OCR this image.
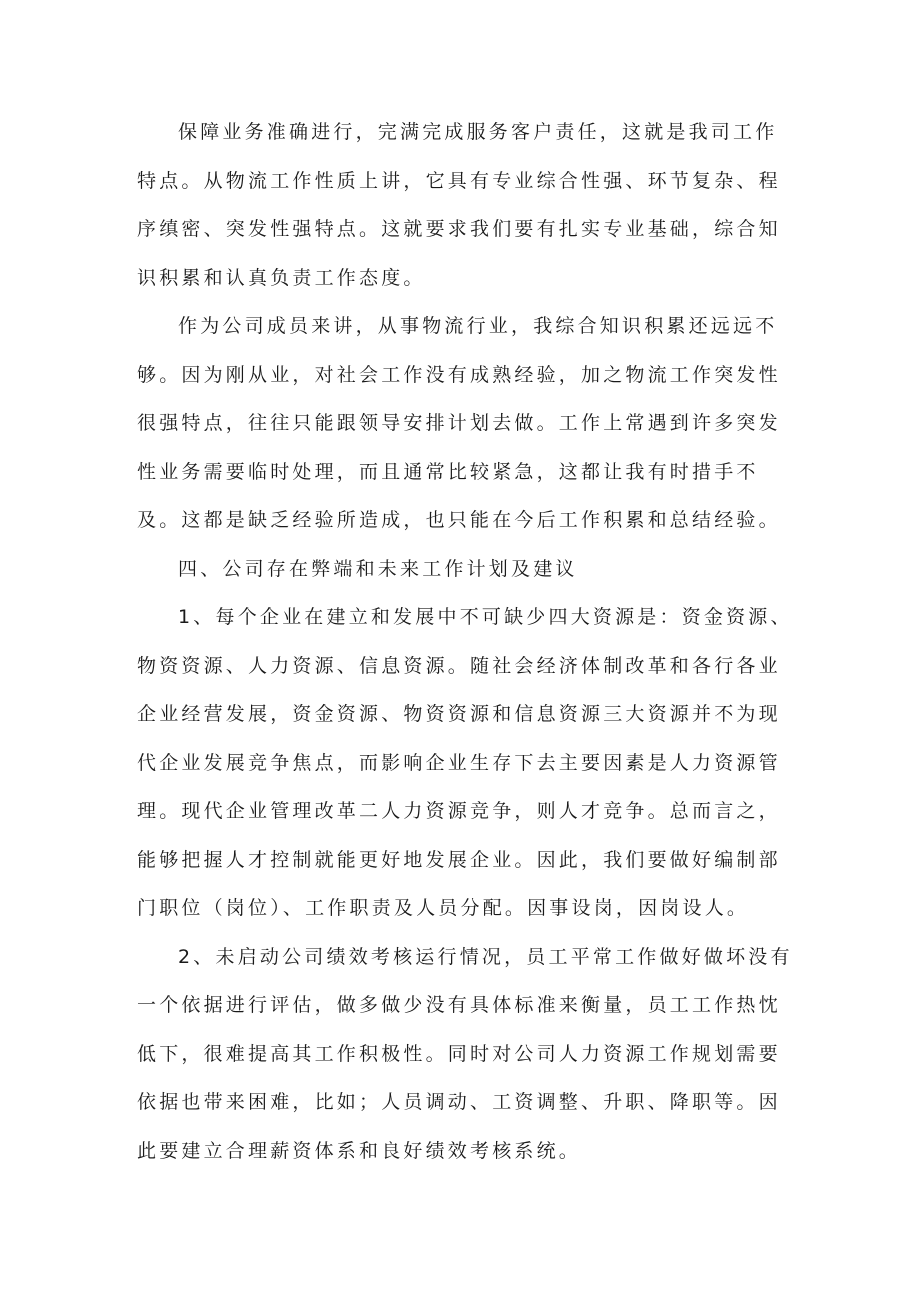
保障业务准确进行，完满完成服务客户责任，这就是我司工作特点。从物流工作性质上讲，它具有专业综合性强、环节复杂、程序缜密、突发性强特点。这就要求我们要有扎实专业基础，综合知识积累和认真负责工作态度。

作为公司成员来讲，从事物流行业，我综合知识积累还远远不够。因为刚从业，对社会工作没有成熟经验，加之物流工作突发性很强特点，往往只能跟领导安排计划去做。工作上常遇到许多突发性业务需要临时处理，而且通常比较紧急，这都让我有时措手不及。这都是缺乏经验所造成，也只能在今后工作积累和总结经验。

四、公司存在弊端和未来工作计划及建议

1、每个企业在建立和发展中不可缺少四大资源是：资金资源、物资资源、人力资源、信息资源。随社会经济体制改革和各行各业企业经营发展，资金资源、物资资源和信息资源三大资源并不为现代企业发展竞争焦点，而影响企业生存下去主要因素是人力资源管理。现代企业管理改革二人力资源竞争，则人才竞争。总而言之，能够把握人才控制就能更好地发展企业。因此，我们要做好编制部门职位（岗位）、工作职责及人员分配。因事设岗，因岗设人。

2、未启动公司绩效考核运行情况，员工平常工作做好做坏没有一个依据进行评估，做多做少没有具体标准来衡量，员工工作热忱低下，很难提高其工作积极性。同时对公司人力资源工作规划需要依据也带来困难，比如；人员调动、工资调整、升职、降职等。因此要建立合理薪资体系和良好绩效考核系统。
